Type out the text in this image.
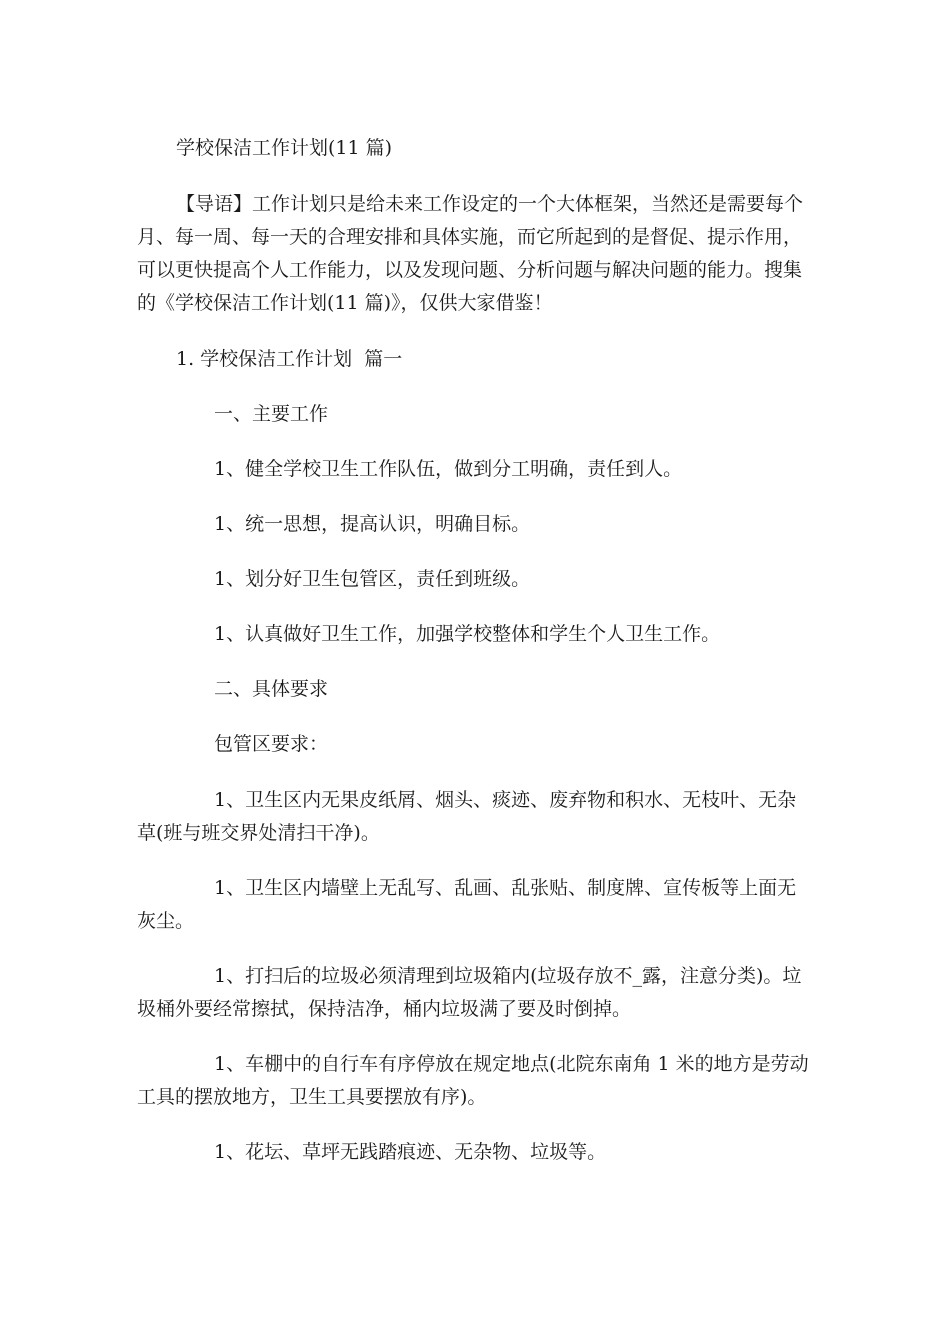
学校保洁工作计划(11 篇)

【导语】工作计划只是给未来工作设定的一个大体框架，当然还是需要每个

月、每一周、每一天的合理安排和具体实施，而它所起到的是督促、提示作用，

可以更快提高个人工作能力，以及发现问题、分析问题与解决问题的能力。搜集

的《学校保洁工作计划(11 篇)》，仅供大家借鉴！

1. 学校保洁工作计划  篇一

一、主要工作

1、健全学校卫生工作队伍，做到分工明确，责任到人。

1、统一思想，提高认识，明确目标。

1、划分好卫生包管区，责任到班级。

1、认真做好卫生工作，加强学校整体和学生个人卫生工作。

二、具体要求

包管区要求：

1、卫生区内无果皮纸屑、烟头、痰迹、废弃物和积水、无枝叶、无杂

草(班与班交界处清扫干净)。

1、卫生区内墙壁上无乱写、乱画、乱张贴、制度牌、宣传板等上面无

灰尘。

1、打扫后的垃圾必须清理到垃圾箱内(垃圾存放不_露，注意分类)。垃

圾桶外要经常擦拭，保持洁净，桶内垃圾满了要及时倒掉。

1、车棚中的自行车有序停放在规定地点(北院东南角 1 米的地方是劳动

工具的摆放地方，卫生工具要摆放有序)。

1、花坛、草坪无践踏痕迹、无杂物、垃圾等。
